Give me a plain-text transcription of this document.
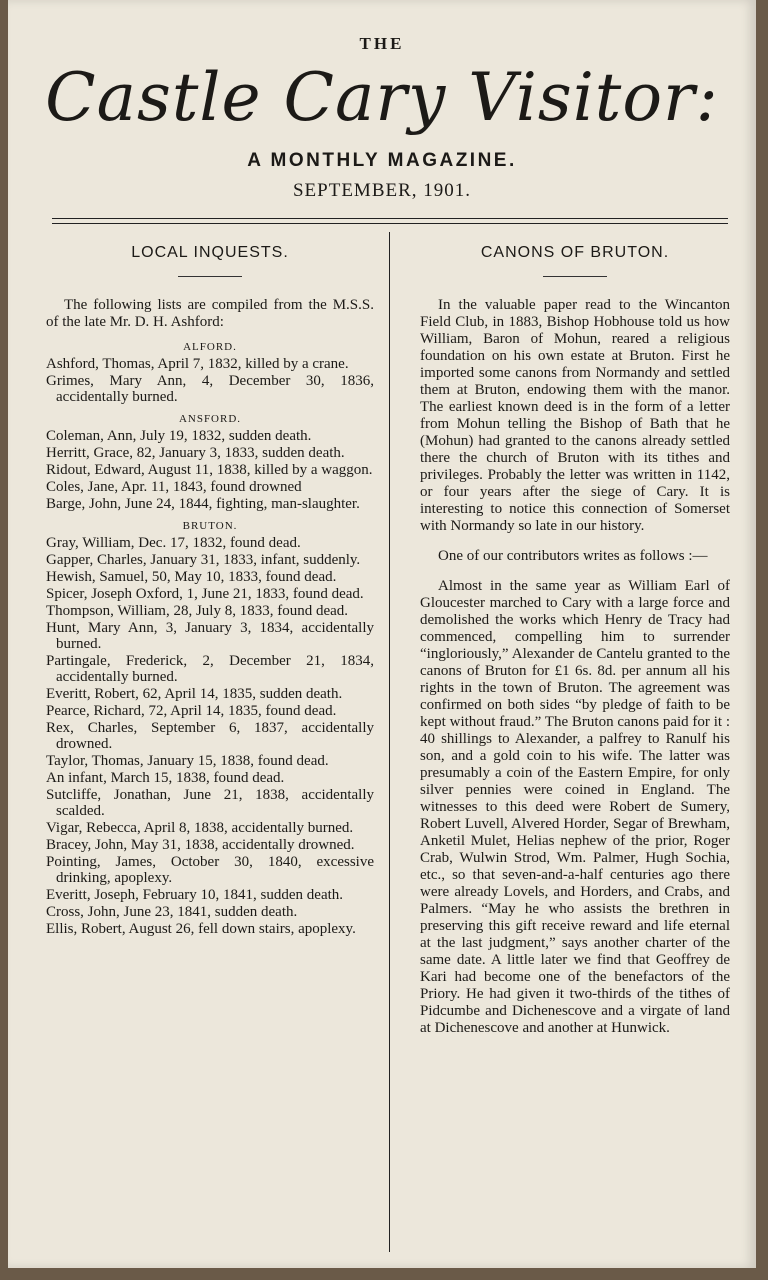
THE
Castle Cary Visitor:
A MONTHLY MAGAZINE.
SEPTEMBER, 1901.
LOCAL INQUESTS.

The following lists are compiled from the M.S.S. of the late Mr. D. H. Ashford:

ALFORD.

Ashford, Thomas, April 7, 1832, killed by a crane.

Grimes, Mary Ann, 4, December 30, 1836, accidentally burned.

ANSFORD.

Coleman, Ann, July 19, 1832, sudden death.

Herritt, Grace, 82, January 3, 1833, sudden death.

Ridout, Edward, August 11, 1838, killed by a waggon.

Coles, Jane, Apr. 11, 1843, found drowned

Barge, John, June 24, 1844, fighting, man-slaughter.

BRUTON.

Gray, William, Dec. 17, 1832, found dead.

Gapper, Charles, January 31, 1833, infant, suddenly.

Hewish, Samuel, 50, May 10, 1833, found dead.

Spicer, Joseph Oxford, 1, June 21, 1833, found dead.

Thompson, William, 28, July 8, 1833, found dead.

Hunt, Mary Ann, 3, January 3, 1834, accidentally burned.

Partingale, Frederick, 2, December 21, 1834, accidentally burned.

Everitt, Robert, 62, April 14, 1835, sudden death.

Pearce, Richard, 72, April 14, 1835, found dead.

Rex, Charles, September 6, 1837, accidentally drowned.

Taylor, Thomas, January 15, 1838, found dead.

An infant, March 15, 1838, found dead.

Sutcliffe, Jonathan, June 21, 1838, accidentally scalded.

Vigar, Rebecca, April 8, 1838, accidentally burned.

Bracey, John, May 31, 1838, accidentally drowned.

Pointing, James, October 30, 1840, excessive drinking, apoplexy.

Everitt, Joseph, February 10, 1841, sudden death.

Cross, John, June 23, 1841, sudden death.

Ellis, Robert, August 26, fell down stairs, apoplexy.

CANONS OF BRUTON.

In the valuable paper read to the Wincanton Field Club, in 1883, Bishop Hobhouse told us how William, Baron of Mohun, reared a religious foundation on his own estate at Bruton. First he imported some canons from Normandy and settled them at Bruton, endowing them with the manor. The earliest known deed is in the form of a letter from Mohun telling the Bishop of Bath that he (Mohun) had granted to the canons already settled there the church of Bruton with its tithes and privileges. Probably the letter was written in 1142, or four years after the siege of Cary. It is interesting to notice this connection of Somerset with Normandy so late in our history.

One of our contributors writes as follows :—

Almost in the same year as William Earl of Gloucester marched to Cary with a large force and demolished the works which Henry de Tracy had commenced, compelling him to surrender “ingloriously,” Alexander de Cantelu granted to the canons of Bruton for £1 6s. 8d. per annum all his rights in the town of Bruton. The agreement was confirmed on both sides “by pledge of faith to be kept without fraud.” The Bruton canons paid for it : 40 shillings to Alexander, a palfrey to Ranulf his son, and a gold coin to his wife. The latter was presumably a coin of the Eastern Empire, for only silver pennies were coined in England. The witnesses to this deed were Robert de Sumery, Robert Luvell, Alvered Horder, Segar of Brewham, Anketil Mulet, Helias nephew of the prior, Roger Crab, Wulwin Strod, Wm. Palmer, Hugh Sochia, etc., so that seven-and-a-half centuries ago there were already Lovels, and Horders, and Crabs, and Palmers. “May he who assists the brethren in preserving this gift receive reward and life eternal at the last judgment,” says another charter of the same date. A little later we find that Geoffrey de Kari had become one of the benefactors of the Priory. He had given it two-thirds of the tithes of Pidcumbe and Dichenescove and a virgate of land at Dichenescove and another at Hunwick.
